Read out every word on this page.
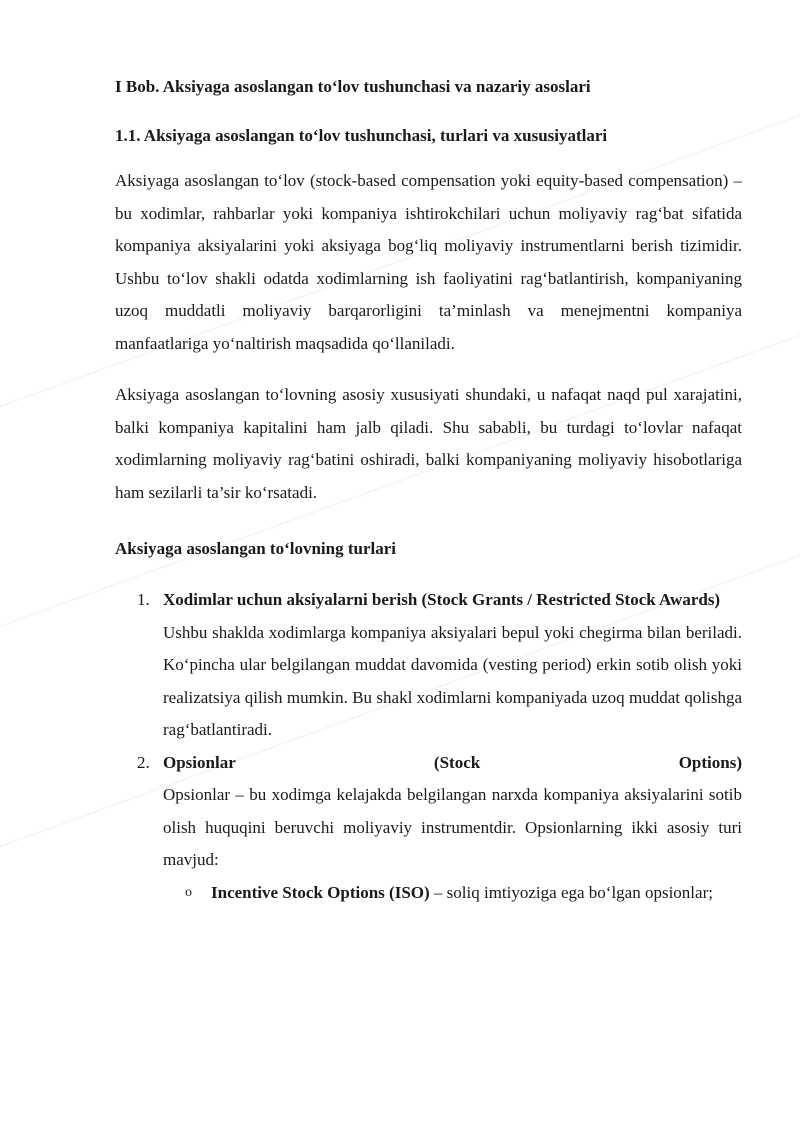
I Bob. Aksiyaga asoslangan to‘lov tushunchasi va nazariy asoslari
1.1. Aksiyaga asoslangan to‘lov tushunchasi, turlari va xususiyatlari

Aksiyaga asoslangan to‘lov (stock-based compensation yoki equity-based compensation) – bu xodimlar, rahbarlar yoki kompaniya ishtirokchilari uchun moliyaviy rag‘bat sifatida kompaniya aksiyalarini yoki aksiyaga bog‘liq moliyaviy instrumentlarni berish tizimidir. Ushbu to‘lov shakli odatda xodimlarning ish faoliyatini rag‘batlantirish, kompaniyaning uzoq muddatli moliyaviy barqarorligini ta’minlash va menejmentni kompaniya manfaatlariga yo‘naltirish maqsadida qo‘llaniladi.

Aksiyaga asoslangan to‘lovning asosiy xususiyati shundaki, u nafaqat naqd pul xarajatini, balki kompaniya kapitalini ham jalb qiladi. Shu sababli, bu turdagi to‘lovlar nafaqat xodimlarning moliyaviy rag‘batini oshiradi, balki kompaniyaning moliyaviy hisobotlariga ham sezilarli ta’sir ko‘rsatadi.

Aksiyaga asoslangan to‘lovning turlari
1. Xodimlar uchun aksiyalarni berish (Stock Grants / Restricted Stock Awards)
Ushbu shaklda xodimlarga kompaniya aksiyalari bepul yoki chegirma bilan beriladi. Ko‘pincha ular belgilangan muddat davomida (vesting period) erkin sotib olish yoki realizatsiya qilish mumkin. Bu shakl xodimlarni kompaniyada uzoq muddat qolishga rag‘batlantiradi.
2. Opsionlar (Stock Options)
Opsionlar – bu xodimga kelajakda belgilangan narxda kompaniya aksiyalarini sotib olish huquqini beruvchi moliyaviy instrumentdir. Opsionlarning ikki asosiy turi mavjud:
o Incentive Stock Options (ISO) – soliq imtiyoziga ega bo‘lgan opsionlar;
